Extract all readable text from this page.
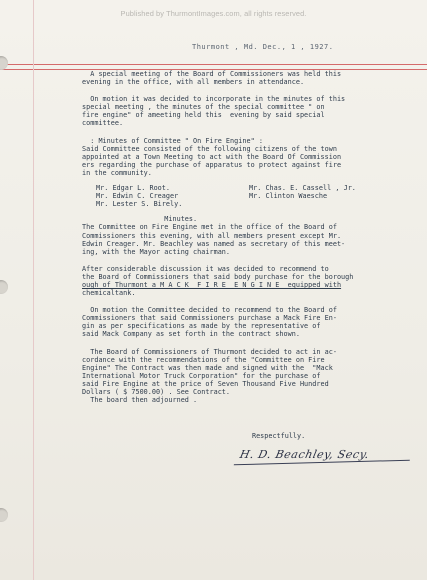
Published by ThurmontImages.com, all rights reserved.
Thurmont , Md. Dec., 1 , 1927.

A special meeting of the Board of Commissioners was held this

evening in the office, with all members in attendance.

On motion it was decided to incorporate in the minutes of this

special meeting , the minutes of the special committee " on

fire engine" of ameeting held this  evening by said special

committee.

: Minutes of Committee " On Fire Engine" :

Said Committee consisted of the following citizens of the town

appointed at a Town Meeting to act with the Board Of Commission

ers regarding the purchase of apparatus to protect against fire

in the community.

Mr. Edgar L. Root.

Mr. Edwin C. Creager

Mr. Lester S. Birely.

Mr. Chas. E. Cassell , Jr.

Mr. Clinton Waesche

Minutes.

The Committee on Fire Engine met in the office of the Board of

Commissioners this evening, with all members present except Mr.

Edwin Creager. Mr. Beachley was named as secretary of this meet-

ing, with the Mayor acting chairman.

After considerable discussion it was decided to recommend to

the Board of Commissioners that said body purchase for the borough

ough of Thurmont a M A C K  F I R E  E N G I N E  equipped with

chemicaltank.

On motion the Committee decided to recommend to the Board of

Commissioners that said Commissioners purchase a Mack Fire En-

gin as per specifications as made by the representative of

said Mack Company as set forth in the contract shown.

The Board of Commissioners of Thurmont decided to act in ac-

cordance with the recommendations of the "Committee on Fire

Engine" The Contract was then made and signed with the  "Mack

International Motor Truck Corporation" for the purchase of

said Fire Engine at the price of Seven Thousand Five Hundred

Dollars ( $ 7500.00) . See Contract.

The board then adjourned .

Respectfully.
H. D. Beachley, Secy.
